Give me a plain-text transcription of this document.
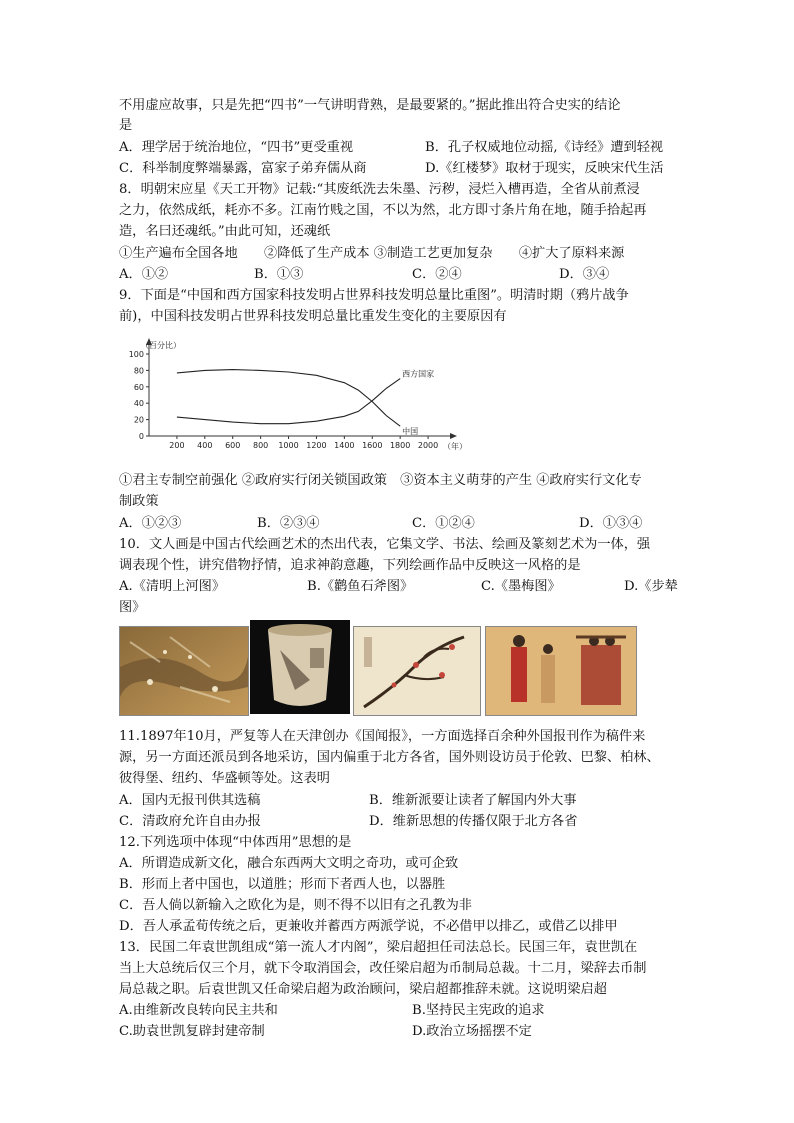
不用虚应故事，只是先把“四书”一气讲明背熟，是最要紧的。”据此推出符合史实的结论
是
A．理学居于统治地位，“四书”更受重视	B．孔子权威地位动摇,《诗经》遭到轻视
C．科举制度弊端暴露，富家子弟弃儒从商	D.《红楼梦》取材于现实，反映宋代生活
8．明朝宋应星《天工开物》记载:“其废纸洗去朱墨、污秽，浸烂入槽再造，全省从前煮浸
之力，依然成纸，耗亦不多。江南竹贱之国，不以为然，北方即寸条片角在地，随手拾起再
造，名曰还魂纸。”由此可知，还魂纸
①生产遍布全国各地　　②降低了生产成本 ③制造工艺更加复杂　　④扩大了原料来源
A．①②	B．①③	C．②④	D．③④
9．下面是“中国和西方国家科技发明占世界科技发明总量比重图”。明清时期（鸦片战争
前)，中国科技发明占世界科技发明总量比重发生变化的主要原因有
0
20
40
60
80
100
200 400 600 800 1000 1200 1400 1600 1800 2000
（百分比）
（年）
西方国家
中国
①君主专制空前强化 ②政府实行闭关锁国政策　③资本主义萌芽的产生 ④政府实行文化专
制政策
A．①②③	B．②③④	C．①②④	D．①③④
10．文人画是中国古代绘画艺术的杰出代表，它集文学、书法、绘画及篆刻艺术为一体，强
调表现个性，讲究借物抒情，追求神韵意趣，下列绘画作品中反映这一风格的是
A.《清明上河图》	B.《鹳鱼石斧图》	C.《墨梅图》	D.《步辇
图》
11.1897年10月，严复等人在天津创办《国闻报》，一方面选择百余种外国报刊作为稿件来
源，另一方面还派员到各地采访，国内偏重于北方各省，国外则设访员于伦敦、巴黎、柏林、
彼得堡、纽约、华盛顿等处。这表明
A．国内无报刊供其选稿	B．维新派要让读者了解国内外大事
C．清政府允许自由办报	D．维新思想的传播仅限于北方各省
12.下列选项中体现“中体西用”思想的是
A．所谓造成新文化，融合东西两大文明之奇功，或可企致
B．形而上者中国也，以道胜；形而下者西人也，以器胜
C．吾人倘以新输入之欧化为是，则不得不以旧有之孔教为非
D．吾人承孟荀传统之后，更兼收并蓄西方两派学说，不必借甲以排乙，或借乙以排甲
13．民国二年袁世凯组成“第一流人才内阁”，梁启超担任司法总长。民国三年，袁世凯在
当上大总统后仅三个月，就下令取消国会，改任梁启超为币制局总裁。十二月，梁辞去币制
局总裁之职。后袁世凯又任命梁启超为政治顾问，梁启超都推辞未就。这说明梁启超
A.由维新改良转向民主共和	B.坚持民主宪政的追求
C.助袁世凯复辟封建帝制	D.政治立场摇摆不定
